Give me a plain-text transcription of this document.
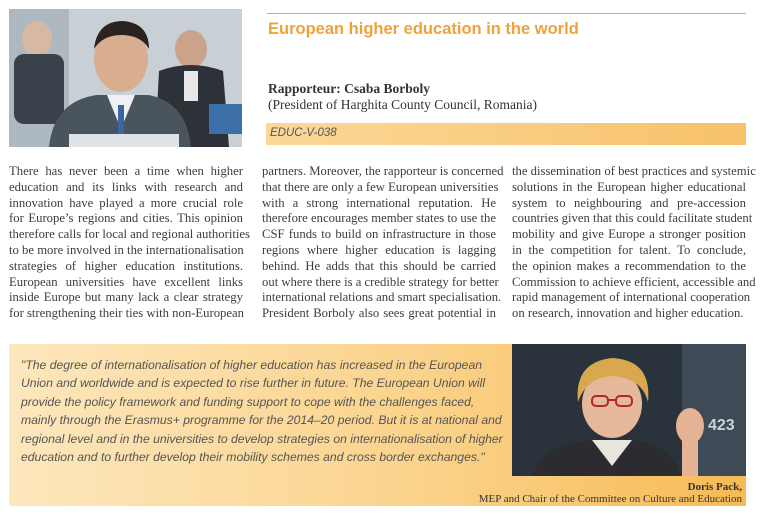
European higher education in the world
Rapporteur: Csaba Borboly
(President of Harghita County Council, Romania)
EDUC-V-038
There has never been a time when higher
education and its links with research and
innovation have played a more crucial role
for Europe’s regions and cities. This opinion
therefore calls for local and regional authorities
to be more involved in the internationalisation
strategies of higher education institutions.
European universities have excellent links
inside Europe but many lack a clear strategy
for strengthening their ties with non-European
partners. Moreover, the rapporteur is concerned
that there are only a few European universities
with a strong international reputation. He
therefore encourages member states to use the
CSF funds to build on infrastructure in those
regions where higher education is lagging
behind. He adds that this should be carried
out where there is a credible strategy for better
international relations and smart specialisation.
President Borboly also sees great potential in
the dissemination of best practices and systemic
solutions in the European higher educational
system to neighbouring and pre-accession
countries given that this could facilitate student
mobility and give Europe a stronger position
in the competition for talent. To conclude,
the opinion makes a recommendation to the
Commission to achieve efficient, accessible and
rapid management of international cooperation
on research, innovation and higher education.
"The degree of internationalisation of higher education has increased in the European
Union and worldwide and is expected to rise further in future. The European Union will
provide the policy framework and funding support to cope with the challenges faced,
mainly through the Erasmus+ programme for the 2014–20 period. But it is at national and
regional level and in the universities to develop strategies on internationalisation of higher
education and to further develop their mobility schemes and cross border exchanges."
423
Doris Pack,
MEP and Chair of the Committee on Culture and Education
